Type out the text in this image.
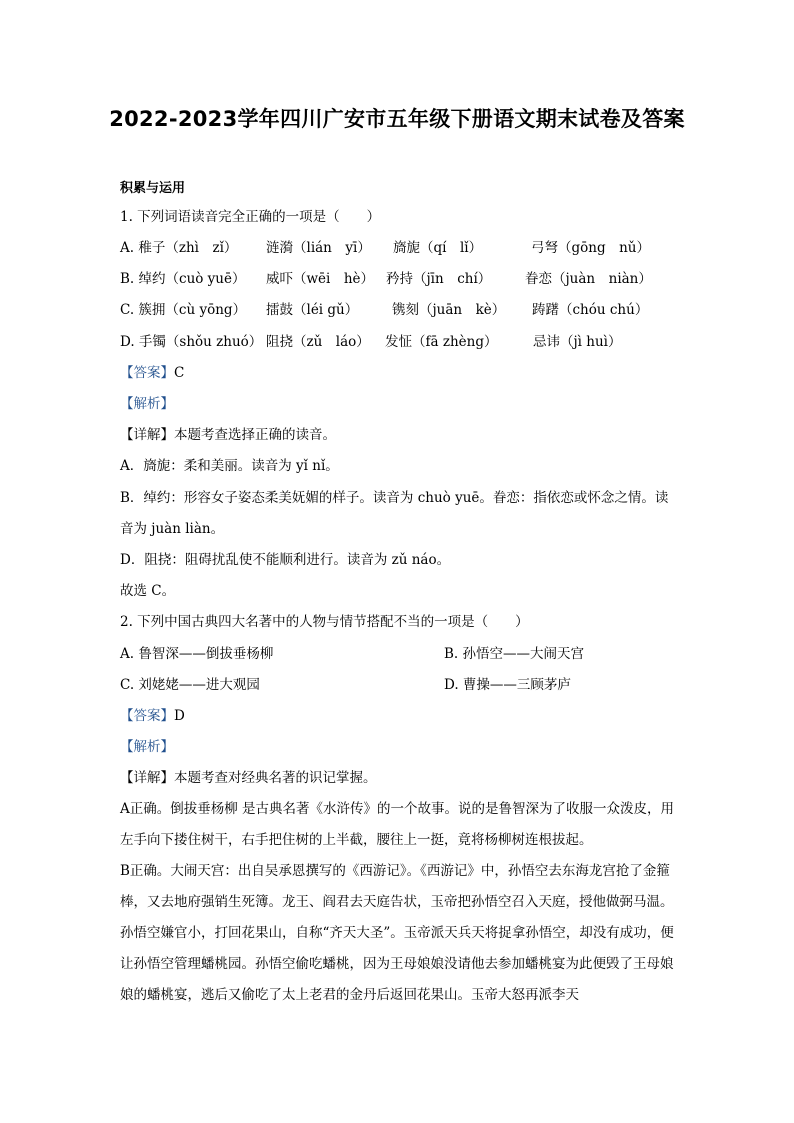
2022-2023学年四川广安市五年级下册语文期末试卷及答案
积累与运用
1. 下列词语读音完全正确的一项是（　　）
A. 稚子（zhì　zǐ） 涟漪（lián　yī） 旖旎（qí　lǐ）	弓弩（gōng　nǔ）
B. 绰约（cuò yuē） 威吓（wēi　hè） 矜持（jīn　chí） 眷恋（juàn　niàn）
C. 簇拥（cù yōng） 擂鼓（léi gǔ） 镌刻（juān　kè） 踌躇（chóu chú）
D. 手镯（shǒu zhuó） 阻挠（zǔ　láo） 发怔（fā zhèng）	忌讳（jì huì）
【答案】C
【解析】
【详解】本题考查选择正确的读音。
A．旖旎：柔和美丽。读音为 yǐ nǐ。
B．绰约：形容女子姿态柔美妩媚的样子。读音为 chuò yuē。眷恋：指依恋或怀念之情。读
音为 juàn liàn。
D．阻挠：阻碍扰乱使不能顺利进行。读音为 zǔ náo。
故选 C。
2. 下列中国古典四大名著中的人物与情节搭配不当的一项是（　　）
A. 鲁智深——倒拔垂杨柳	B. 孙悟空——大闹天宫
C. 刘姥姥——进大观园	D. 曹操——三顾茅庐
【答案】D
【解析】
【详解】本题考查对经典名著的识记掌握。
A正确。倒拔垂杨柳 是古典名著《水浒传》的一个故事。说的是鲁智深为了收服一众泼皮，用左手向下搂住树干，右手把住树的上半截，腰往上一挺，竟将杨柳树连根拔起。
B正确。大闹天宫：出自吴承恩撰写的《西游记》。《西游记》中，孙悟空去东海龙宫抢了金箍棒，又去地府强销生死簿。龙王、阎君去天庭告状，玉帝把孙悟空召入天庭，授他做弼马温。孙悟空嫌官小，打回花果山，自称“齐天大圣”。玉帝派天兵天将捉拿孙悟空，却没有成功，便让孙悟空管理蟠桃园。孙悟空偷吃蟠桃，因为王母娘娘没请他去参加蟠桃宴为此便毁了王母娘娘的蟠桃宴，逃后又偷吃了太上老君的金丹后返回花果山。玉帝大怒再派李天
